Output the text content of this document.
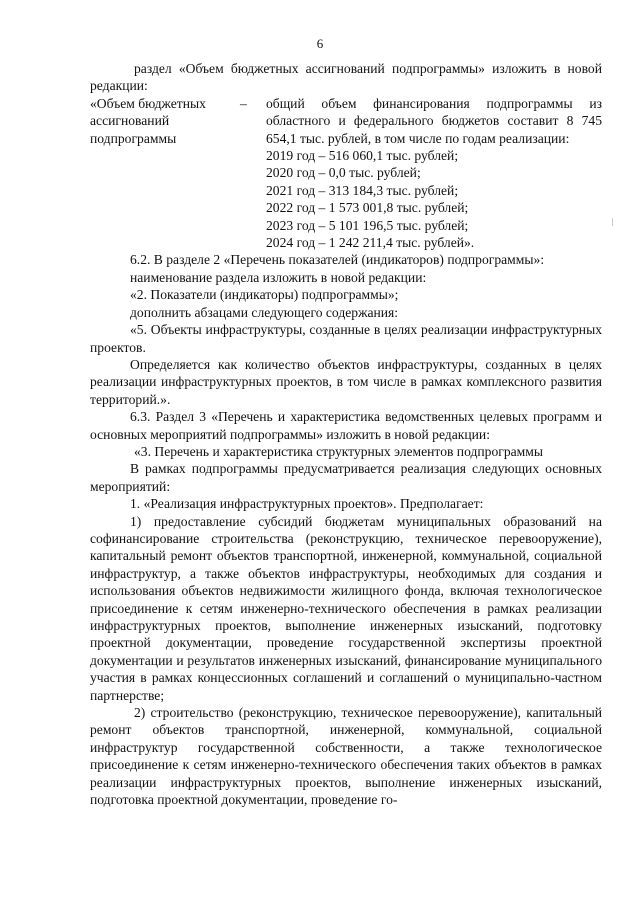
6

раздел «Объем бюджетных ассигнований подпрограммы» изложить в новой редакции:

«Объем бюджетных ассигнований подпрограммы
–	общий объем финансирования подпрограммы из областного и федерального бюджетов составит 8 745 654,1 тыс. рублей, в том числе по годам реализации:

2019 год – 516 060,1 тыс. рублей;

2020 год – 0,0 тыс. рублей;

2021 год – 313 184,3 тыс. рублей;

2022 год – 1 573 001,8 тыс. рублей;

2023 год – 5 101 196,5 тыс. рублей;

2024 год – 1 242 211,4 тыс. рублей».

6.2. В разделе 2 «Перечень показателей (индикаторов) подпрограммы»:

наименование раздела изложить в новой редакции:

«2. Показатели (индикаторы) подпрограммы»;

дополнить абзацами следующего содержания:

«5. Объекты инфраструктуры, созданные в целях реализации инфраструктурных проектов.

Определяется как количество объектов инфраструктуры, созданных в целях реализации инфраструктурных проектов, в том числе в рамках комплексного развития территорий.».

6.3. Раздел 3 «Перечень и характеристика ведомственных целевых программ и основных мероприятий подпрограммы» изложить в новой редакции:

«3. Перечень и характеристика структурных элементов подпрограммы

В рамках подпрограммы предусматривается реализация следующих основных мероприятий:

1. «Реализация инфраструктурных проектов». Предполагает:

1) предоставление субсидий бюджетам муниципальных образований на софинансирование строительства (реконструкцию, техническое перевооружение), капитальный ремонт объектов транспортной, инженерной, коммунальной, социальной инфраструктур, а также объектов инфраструктуры, необходимых для создания и использования объектов недвижимости жилищного фонда, включая технологическое присоединение к сетям инженерно-технического обеспечения в рамках реализации инфраструктурных проектов, выполнение инженерных изысканий, подготовку проектной документации, проведение государственной экспертизы проектной документации и результатов инженерных изысканий, финансирование муниципального участия в рамках концессионных соглашений и соглашений о муниципально-частном партнерстве;

2) строительство (реконструкцию, техническое перевооружение), капитальный ремонт объектов транспортной, инженерной, коммунальной, социальной инфраструктур государственной собственности, а также технологическое присоединение к сетям инженерно-технического обеспечения таких объектов в рамках реализации инфраструктурных проектов, выполнение инженерных изысканий, подготовка проектной документации, проведение го-
